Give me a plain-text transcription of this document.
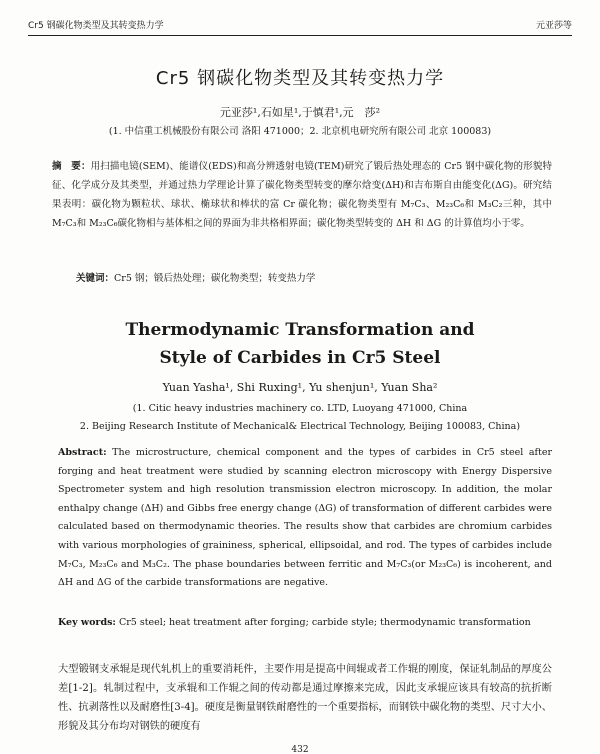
Cr5 钢碳化物类型及其转变热力学	元亚莎等
Cr5 钢碳化物类型及其转变热力学
元亚莎¹,石如星¹,于慎君¹,元　莎²
(1. 中信重工机械股份有限公司 洛阳 471000；2. 北京机电研究所有限公司 北京 100083)
摘　要：用扫描电镜(SEM)、能谱仪(EDS)和高分辨透射电镜(TEM)研究了锻后热处理态的 Cr5 钢中碳化物的形貌特征、化学成分及其类型，并通过热力学理论计算了碳化物类型转变的摩尔焓变(ΔH)和吉布斯自由能变化(ΔG)。研究结果表明：碳化物为颗粒状、球状、椭球状和棒状的富 Cr 碳化物；碳化物类型有 M₇C₃、M₂₃C₆和 M₃C₂三种，其中 M₇C₃和 M₂₃C₆碳化物相与基体相之间的界面为非共格相界面；碳化物类型转变的 ΔH 和 ΔG 的计算值均小于零。
关键词：Cr5 钢；锻后热处理；碳化物类型；转变热力学
Thermodynamic Transformation and
Style of Carbides in Cr5 Steel
Yuan Yasha¹, Shi Ruxing¹, Yu shenjun¹, Yuan Sha²
(1. Citic heavy industries machinery co. LTD, Luoyang 471000, China
2. Beijing Research Institute of Mechanical& Electrical Technology, Beijing 100083, China)
Abstract: The microstructure, chemical component and the types of carbides in Cr5 steel after forging and heat treatment were studied by scanning electron microscopy with Energy Dispersive Spectrometer system and high resolution transmission electron microscopy. In addition, the molar enthalpy change (ΔH) and Gibbs free energy change (ΔG) of transformation of different carbides were calculated based on thermodynamic theories. The results show that carbides are chromium carbides with various morphologies of graininess, spherical, ellipsoidal, and rod. The types of carbides include M₇C₃, M₂₃C₆ and M₃C₂. The phase boundaries between ferritic and M₇C₃(or M₂₃C₆) is incoherent, and ΔH and ΔG of the carbide transformations are negative.
Key words: Cr5 steel; heat treatment after forging; carbide style; thermodynamic transformation
大型锻钢支承辊是现代轧机上的重要消耗件，主要作用是提高中间辊或者工作辊的刚度，保证轧制品的厚度公差[1-2]。轧制过程中，支承辊和工作辊之间的传动都是通过摩擦来完成，因此支承辊应该具有较高的抗折断性、抗剥落性以及耐磨性[3-4]。硬度是衡量钢铁耐磨性的一个重要指标，而钢铁中碳化物的类型、尺寸大小、形貌及其分布均对钢铁的硬度有
432
